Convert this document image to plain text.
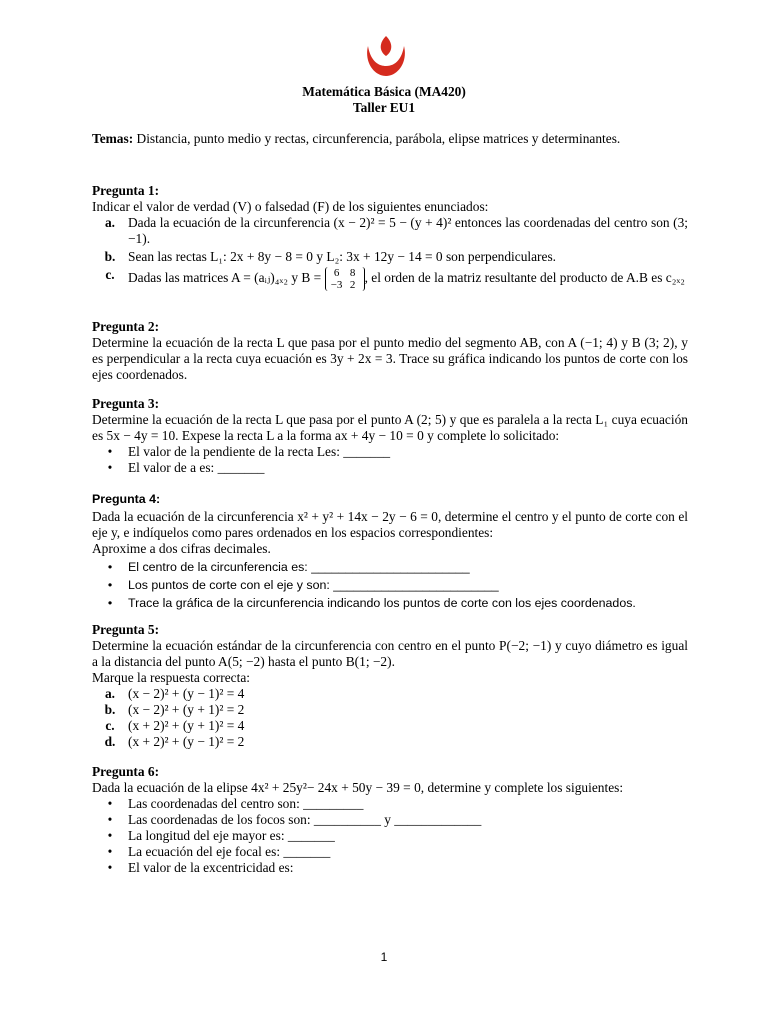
Matemática Básica (MA420)
Taller EU1
Temas: Distancia, punto medio y rectas, circunferencia, parábola, elipse matrices y determinantes.
Pregunta 1:
Indicar el valor de verdad (V) o falsedad (F) de los siguientes enunciados:
a. Dada la ecuación de la circunferencia (x − 2)² = 5 − (y + 4)² entonces las coordenadas del centro son (3; −1).
b. Sean las rectas L₁: 2x + 8y − 8 = 0 y L₂: 3x + 12y − 14 = 0 son perpendiculares.
c. Dadas las matrices A = (aᵢⱼ)₄ₓ₂ y B = 6 8
−3 2 , el orden de la matriz resultante del producto de A.B es c₂ₓ₂
Pregunta 2:
Determine la ecuación de la recta L que pasa por el punto medio del segmento AB, con A (−1; 4) y B (3; 2), y es perpendicular a la recta cuya ecuación es 3y + 2x = 3. Trace su gráfica indicando los puntos de corte con los ejes coordenados.
Pregunta 3:
Determine la ecuación de la recta L que pasa por el punto A (2; 5) y que es paralela a la recta L₁ cuya ecuación es 5x − 4y = 10. Expese la recta L a la forma ax + 4y − 10 = 0 y complete lo solicitado:
•	El valor de la pendiente de la recta Les: _______
•	El valor de a es: _______
Pregunta 4:
Dada la ecuación de la circunferencia x² + y² + 14x − 2y − 6 = 0, determine el centro y el punto de corte con el eje y, e indíquelos como pares ordenados en los espacios correspondientes:
Aproxime a dos cifras decimales.
•	El centro de la circunferencia es: _______________________
•	Los puntos de corte con el eje y son: ________________________
•	Trace la gráfica de la circunferencia indicando los puntos de corte con los ejes coordenados.
Pregunta 5:
Determine la ecuación estándar de la circunferencia con centro en el punto P(−2; −1) y cuyo diámetro es igual a la distancia del punto A(5; −2) hasta el punto B(1; −2).
Marque la respuesta correcta:
a. (x − 2)² + (y − 1)² = 4
b. (x − 2)² + (y + 1)² = 2
c. (x + 2)² + (y + 1)² = 4
d. (x + 2)² + (y − 1)² = 2
Pregunta 6:
Dada la ecuación de la elipse 4x² + 25y²− 24x + 50y − 39 = 0, determine y complete los siguientes:
•	Las coordenadas del centro son: _________
•	Las coordenadas de los focos son: __________ y _____________
•	La longitud del eje mayor es: _______
•	La ecuación del eje focal es: _______
•	El valor de la excentricidad es:
1
